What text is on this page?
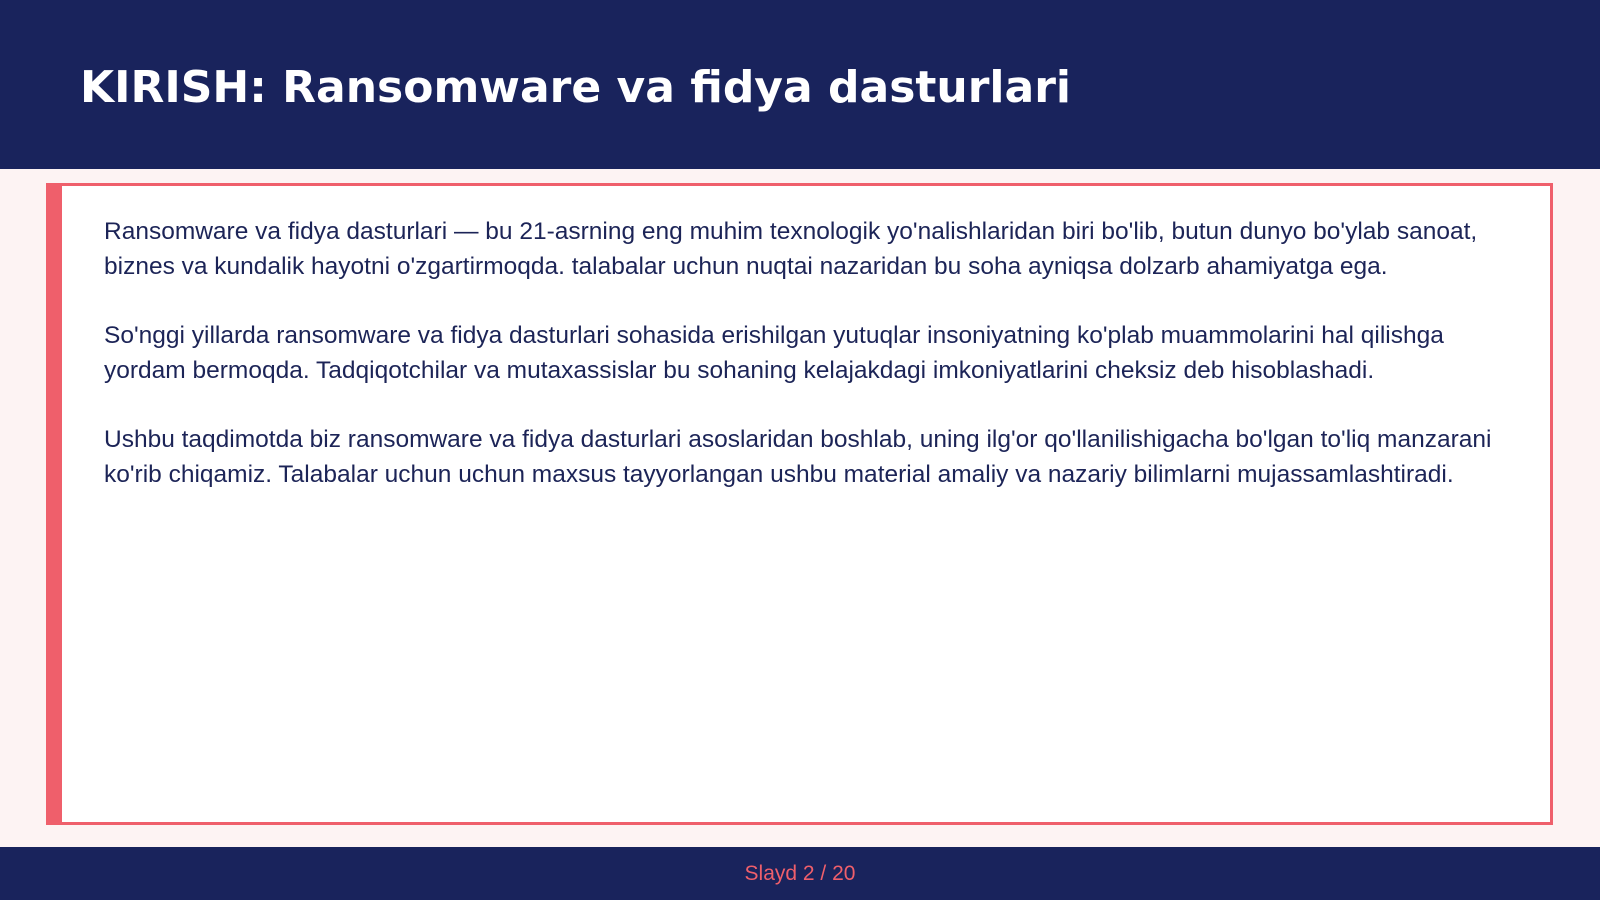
KIRISH: Ransomware va fidya dasturlari

Ransomware va fidya dasturlari — bu 21-asrning eng muhim texnologik yo'nalishlaridan biri bo'lib, butun dunyo bo'ylab sanoat, biznes va kundalik hayotni o'zgartirmoqda. talabalar uchun nuqtai nazaridan bu soha ayniqsa dolzarb ahamiyatga ega.

So'nggi yillarda ransomware va fidya dasturlari sohasida erishilgan yutuqlar insoniyatning ko'plab muammolarini hal qilishga yordam bermoqda. Tadqiqotchilar va mutaxassislar bu sohaning kelajakdagi imkoniyatlarini cheksiz deb hisoblashadi.

Ushbu taqdimotda biz ransomware va fidya dasturlari asoslaridan boshlab, uning ilg'or qo'llanilishigacha bo'lgan to'liq manzarani ko'rib chiqamiz. Talabalar uchun uchun maxsus tayyorlangan ushbu material amaliy va nazariy bilimlarni mujassamlashtiradi.

Slayd 2 / 20
